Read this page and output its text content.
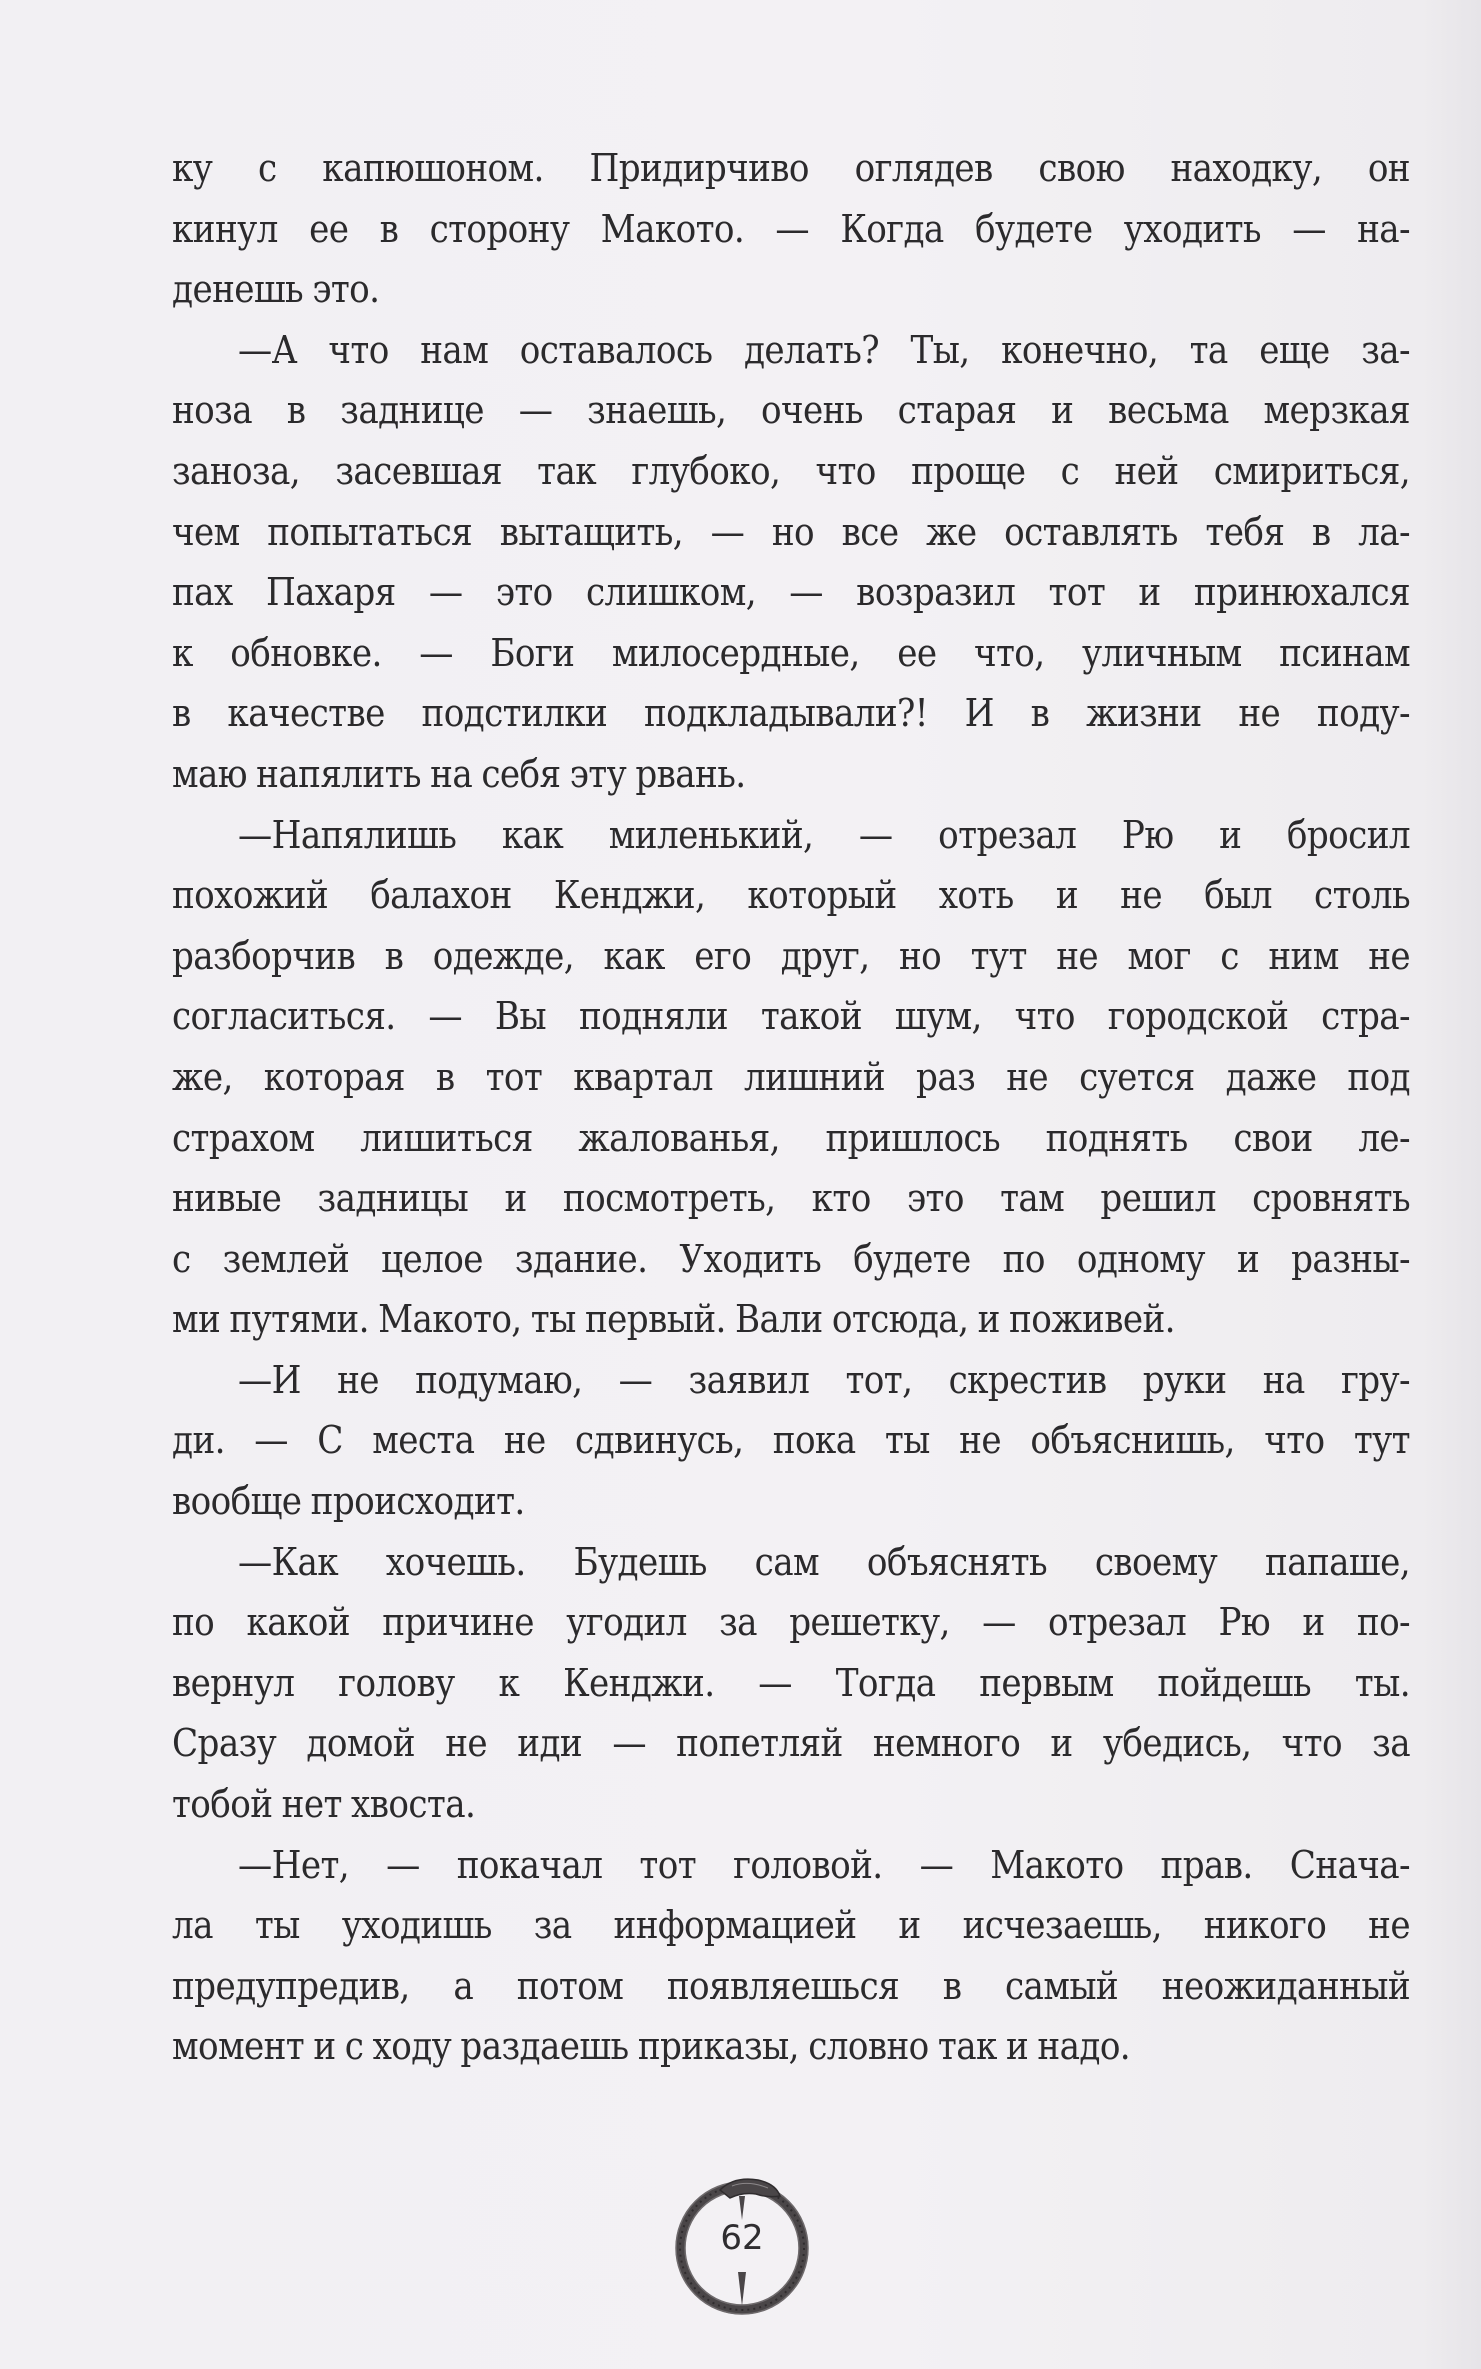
ку с капюшоном. Придирчиво оглядев свою находку, он
кинул ее в сторону Макото. — Когда будете уходить — на-
денешь это.
—А что нам оставалось делать? Ты, конечно, та еще за-
ноза в заднице — знаешь, очень старая и весьма мерзкая
заноза, засевшая так глубоко, что проще с ней смириться,
чем попытаться вытащить, — но все же оставлять тебя в ла-
пах Пахаря — это слишком, — возразил тот и принюхался
к обновке. — Боги милосердные, ее что, уличным псинам
в качестве подстилки подкладывали?! И в жизни не поду-
маю напялить на себя эту рвань.
—Напялишь как миленький, — отрезал Рю и бросил
похожий балахон Кенджи, который хоть и не был столь
разборчив в одежде, как его друг, но тут не мог с ним не
согласиться. — Вы подняли такой шум, что городской стра-
же, которая в тот квартал лишний раз не суется даже под
страхом лишиться жалованья, пришлось поднять свои ле-
нивые задницы и посмотреть, кто это там решил сровнять
с землей целое здание. Уходить будете по одному и разны-
ми путями. Макото, ты первый. Вали отсюда, и поживей.
—И не подумаю, — заявил тот, скрестив руки на гру-
ди. — С места не сдвинусь, пока ты не объяснишь, что тут
вообще происходит.
—Как хочешь. Будешь сам объяснять своему папаше,
по какой причине угодил за решетку, — отрезал Рю и по-
вернул голову к Кенджи. — Тогда первым пойдешь ты.
Сразу домой не иди — попетляй немного и убедись, что за
тобой нет хвоста.
—Нет, — покачал тот головой. — Макото прав. Снача-
ла ты уходишь за информацией и исчезаешь, никого не
предупредив, а потом появляешься в самый неожиданный
момент и с ходу раздаешь приказы, словно так и надо.
62
